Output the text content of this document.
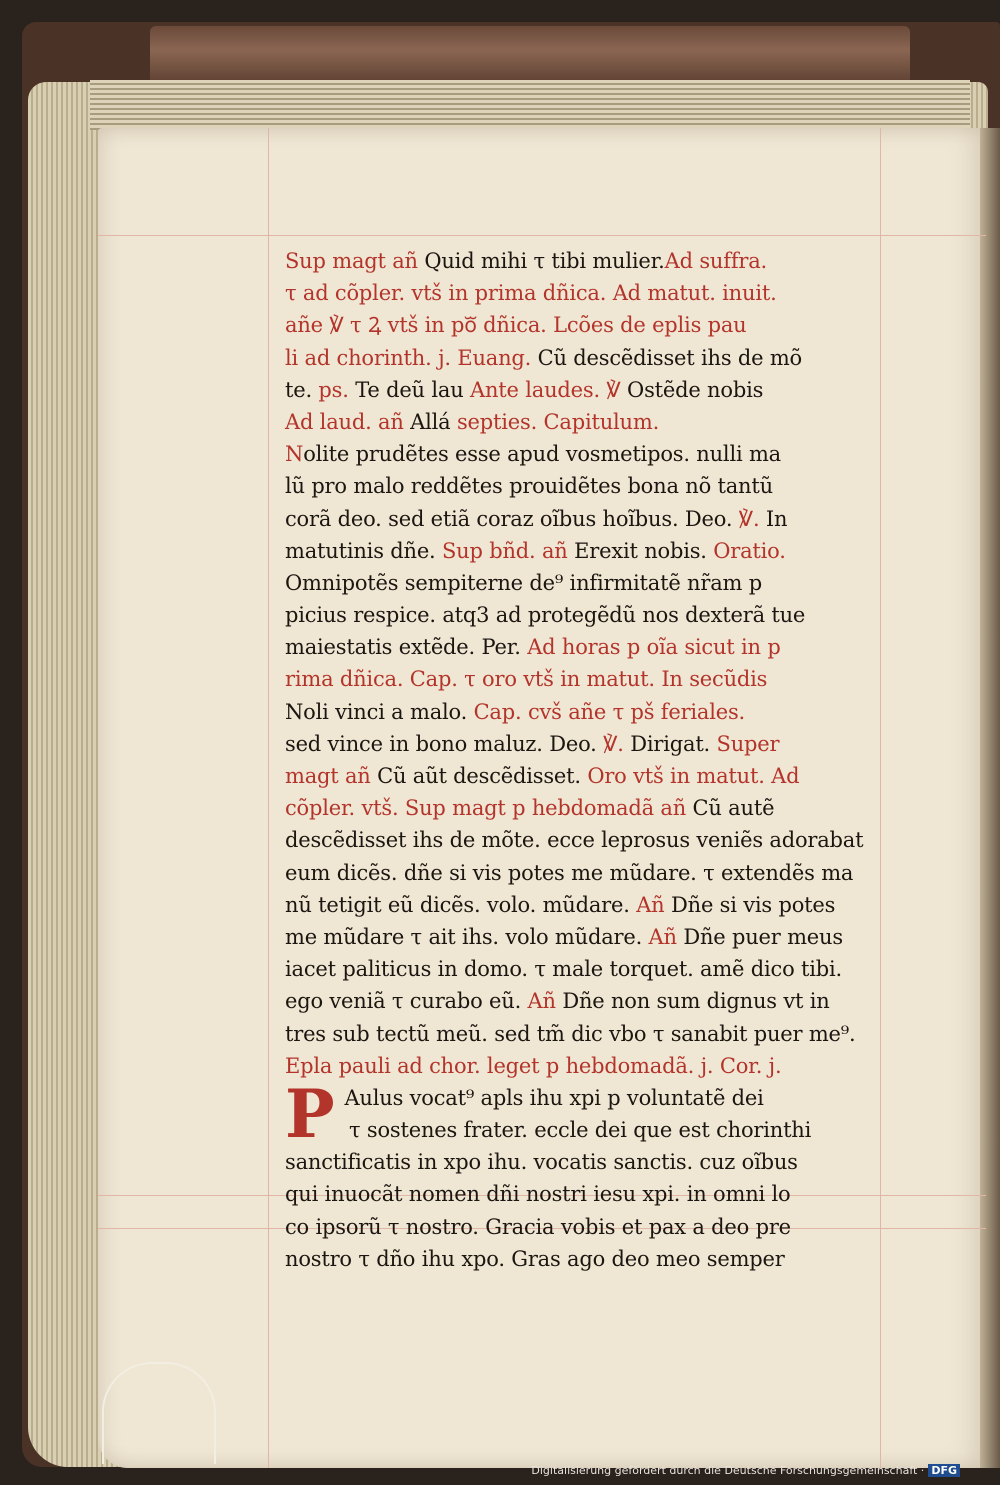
Sup magt añ Quid mihi τ tibi mulier.Ad suffra.
τ ad cõpler. vtš in prima dñica. Ad matut. inuit.
añe ℣ τ Ꝝ vtš in poᷓ dñica. Lcões de eplis pau
li ad chorinth. j. Euang. Cũ descẽdisset ihs de mõ
te. ps. Te deũ lau Ante laudes. ℣ Ostẽde nobis
Ad laud. añ Allá septies. Capitulum.
Nolite prudẽtes esse apud vosmetipos. nulli ma
lũ pro malo reddẽtes prouidẽtes bona nõ tantũ
corã deo. sed etiã coraz oĩbus hoĩbus. Deo. ℣. In
matutinis dñe. Sup bñd. añ Erexit nobis. Oratio.
Omnipotẽs sempiterne de⁹ infirmitatẽ nr̃am p
picius respice. atq3 ad protegẽdũ nos dexterã tue
maiestatis extẽde. Per. Ad horas p oĩa sicut in p
rima dñica. Cap. τ oro vtš in matut. In secũdis
Noli vinci a malo. Cap. cvš añe τ pš feriales.
sed vince in bono maluz. Deo. ℣. Dirigat. Super
magt añ Cũ aũt descẽdisset. Oro vtš in matut. Ad
cõpler. vtš. Sup magt p hebdomadã añ Cũ autẽ
descẽdisset ihs de mõte. ecce leprosus veniẽs adorabat
eum dicẽs. dñe si vis potes me mũdare. τ extendẽs ma
nũ tetigit eũ dicẽs. volo. mũdare. Añ Dñe si vis potes
me mũdare τ ait ihs. volo mũdare. Añ Dñe puer meus
iacet paliticus in domo. τ male torquet. amẽ dico tibi.
ego veniã τ curabo eũ. Añ Dñe non sum dignus vt in
tres sub tectũ meũ. sed tm̃ dic vbo τ sanabit puer me⁹.
Epla pauli ad chor. leget p hebdomadã. j. Cor. j.
P Aulus vocat⁹ apls ihu xpi p voluntatẽ dei
τ sostenes frater. eccle dei que est chorinthi
sanctificatis in xpo ihu. vocatis sanctis. cuz oĩbus
qui inuocãt nomen dñi nostri iesu xpi. in omni lo
co ipsorũ τ nostro. Gracia vobis et pax a deo pre
nostro τ dño ihu xpo. Gras ago deo meo semper
Digitalisierung gefördert durch die Deutsche Forschungsgemeinschaft · DFG
